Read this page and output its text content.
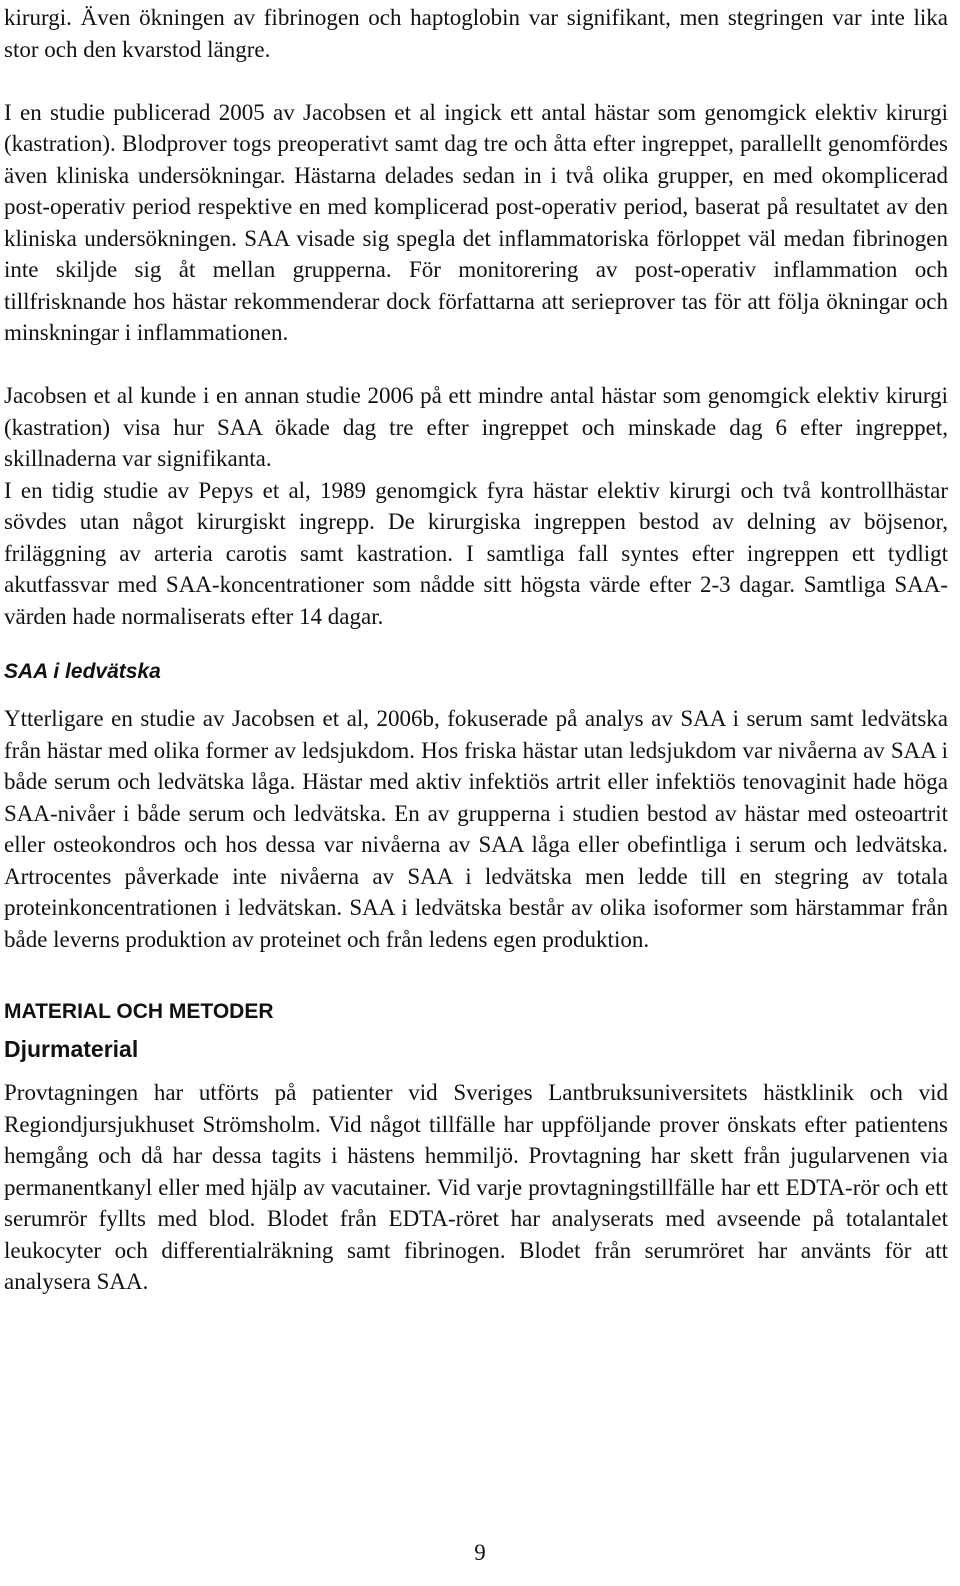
kirurgi. Även ökningen av fibrinogen och haptoglobin var signifikant, men stegringen var inte lika stor och den kvarstod längre.

I en studie publicerad 2005 av Jacobsen et al ingick ett antal hästar som genomgick elektiv kirurgi (kastration). Blodprover togs preoperativt samt dag tre och åtta efter ingreppet, parallellt genomfördes även kliniska undersökningar. Hästarna delades sedan in i två olika grupper, en med okomplicerad post-operativ period respektive en med komplicerad post-operativ period, baserat på resultatet av den kliniska undersökningen. SAA visade sig spegla det inflammatoriska förloppet väl medan fibrinogen inte skiljde sig åt mellan grupperna. För monitorering av post-operativ inflammation och tillfrisknande hos hästar rekommenderar dock författarna att serieprover tas för att följa ökningar och minskningar i inflammationen.

Jacobsen et al kunde i en annan studie 2006 på ett mindre antal hästar som genomgick elektiv kirurgi (kastration) visa hur SAA ökade dag tre efter ingreppet och minskade dag 6 efter ingreppet, skillnaderna var signifikanta.

I en tidig studie av Pepys et al, 1989 genomgick fyra hästar elektiv kirurgi och två kontrollhästar sövdes utan något kirurgiskt ingrepp. De kirurgiska ingreppen bestod av delning av böjsenor, friläggning av arteria carotis samt kastration. I samtliga fall syntes efter ingreppen ett tydligt akutfassvar med SAA-koncentrationer som nådde sitt högsta värde efter 2-3 dagar. Samtliga SAA-värden hade normaliserats efter 14 dagar.

SAA i ledvätska

Ytterligare en studie av Jacobsen et al, 2006b, fokuserade på analys av SAA i serum samt ledvätska från hästar med olika former av ledsjukdom. Hos friska hästar utan ledsjukdom var nivåerna av SAA i både serum och ledvätska låga. Hästar med aktiv infektiös artrit eller infektiös tenovaginit hade höga SAA-nivåer i både serum och ledvätska. En av grupperna i studien bestod av hästar med osteoartrit eller osteokondros och hos dessa var nivåerna av SAA låga eller obefintliga i serum och ledvätska. Artrocentes påverkade inte nivåerna av SAA i ledvätska men ledde till en stegring av totala proteinkoncentrationen i ledvätskan. SAA i ledvätska består av olika isoformer som härstammar från både leverns produktion av proteinet och från ledens egen produktion.

MATERIAL OCH METODER
Djurmaterial

Provtagningen har utförts på patienter vid Sveriges Lantbruksuniversitets hästklinik och vid Regiondjursjukhuset Strömsholm. Vid något tillfälle har uppföljande prover önskats efter patientens hemgång och då har dessa tagits i hästens hemmiljö. Provtagning har skett från jugularvenen via permanentkanyl eller med hjälp av vacutainer. Vid varje provtagningstillfälle har ett EDTA-rör och ett serumrör fyllts med blod. Blodet från EDTA-röret har analyserats med avseende på totalantalet leukocyter och differentialräkning samt fibrinogen. Blodet från serumröret har använts för att analysera SAA.

9
